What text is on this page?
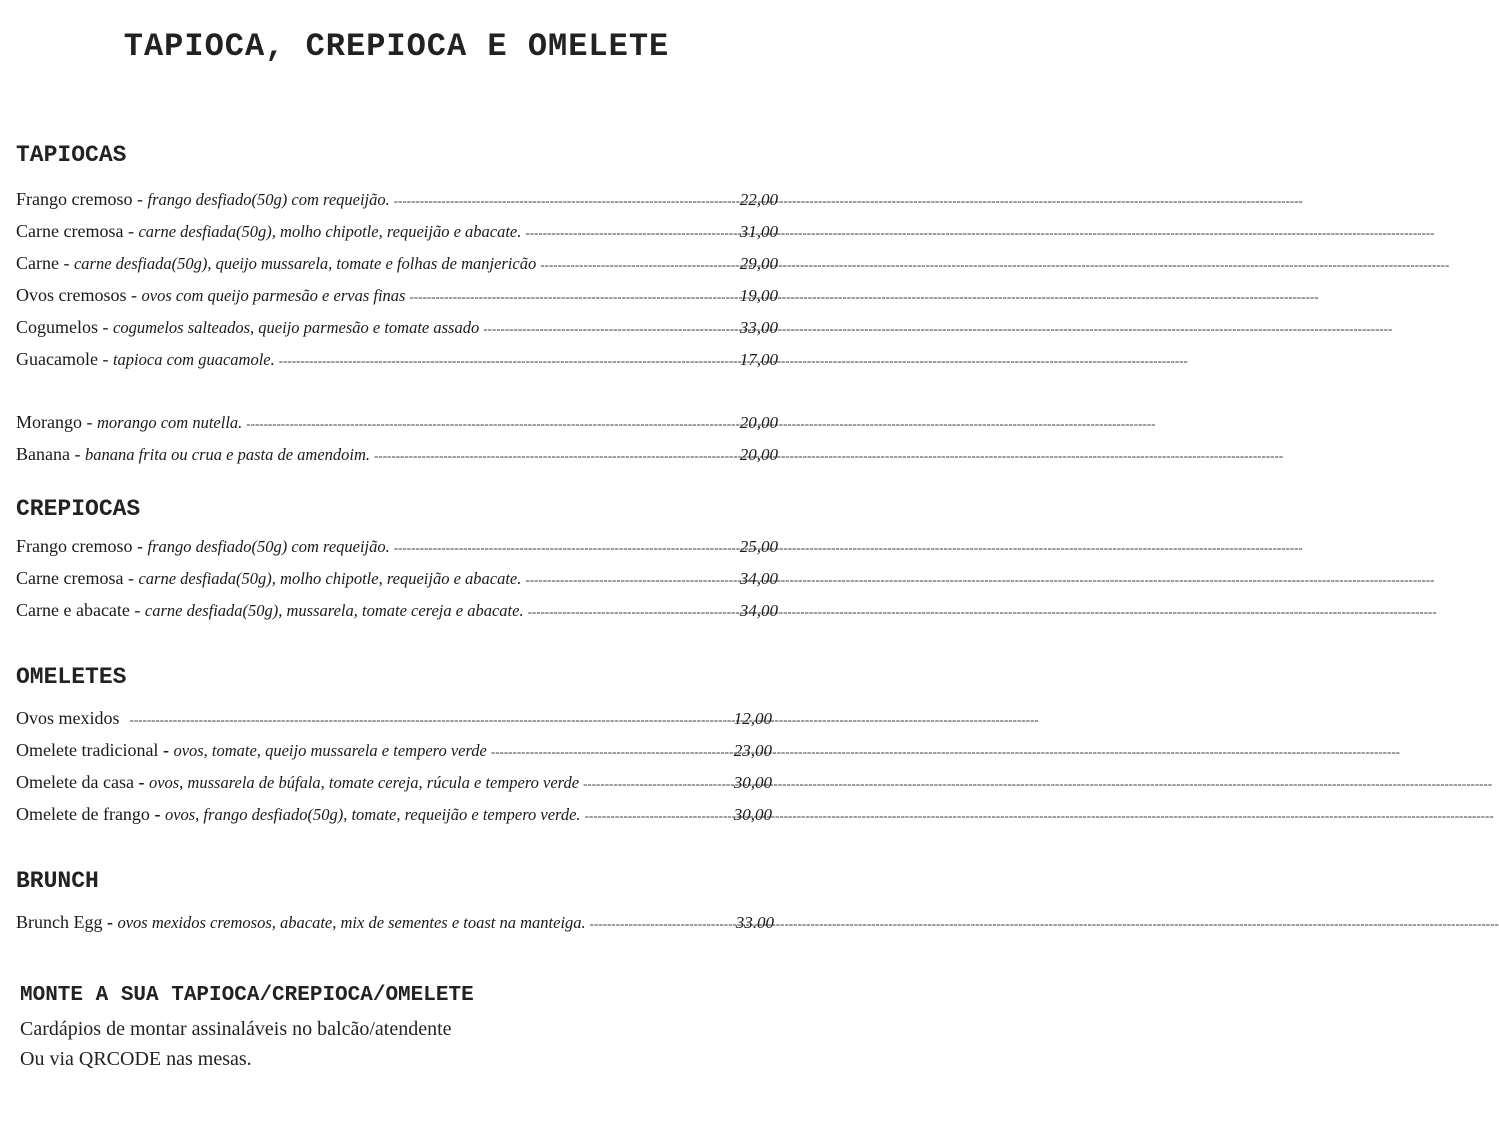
TAPIOCA, CREPIOCA E OMELETE
TAPIOCAS
Frango cremoso - frango desfiado(50g) com requeijão. -----	22,00
Carne cremosa - carne desfiada(50g), molho chipotle, requeijão e abacate. -----	31,00
Carne - carne desfiada(50g), queijo mussarela, tomate e folhas de manjericão -----	29,00
Ovos cremosos - ovos com queijo parmesão e ervas finas -----	19,00
Cogumelos - cogumelos salteados, queijo parmesão e tomate assado -----	33,00
Guacamole - tapioca com guacamole. -----	17,00
Morango - morango com nutella. -----	20,00
Banana - banana frita ou crua e pasta de amendoim. -----	20,00
CREPIOCAS
Frango cremoso - frango desfiado(50g) com requeijão. -----	25,00
Carne cremosa - carne desfiada(50g), molho chipotle, requeijão e abacate. -----	34,00
Carne e abacate - carne desfiada(50g), mussarela, tomate cereja e abacate. -----	34,00
OMELETES
Ovos mexidos -----	12,00
Omelete tradicional - ovos, tomate, queijo mussarela e tempero verde -----	23,00
Omelete da casa - ovos, mussarela de búfala, tomate cereja, rúcula e tempero verde -----	30,00
Omelete de frango - ovos, frango desfiado(50g), tomate, requeijão e tempero verde. -----	30,00
BRUNCH
Brunch Egg - ovos mexidos cremosos, abacate, mix de sementes e toast na manteiga. -----	33.00
MONTE A SUA TAPIOCA/CREPIOCA/OMELETE
Cardápios de montar assinaláveis no balcão/atendente
Ou via QRCODE nas mesas.
